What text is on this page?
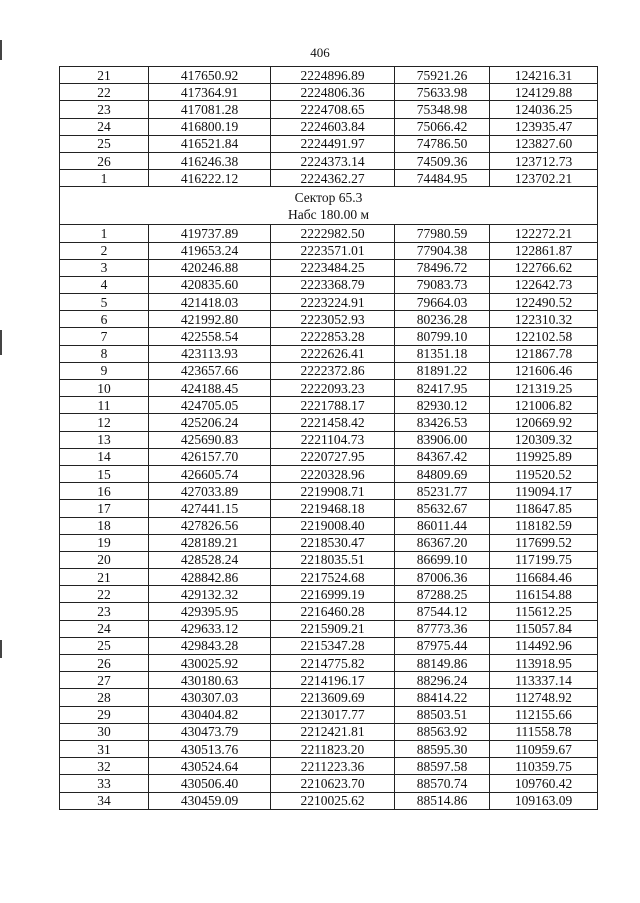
406
21	417650.92	2224896.89	75921.26	124216.31
22	417364.91	2224806.36	75633.98	124129.88
23	417081.28	2224708.65	75348.98	124036.25
24	416800.19	2224603.84	75066.42	123935.47
25	416521.84	2224491.97	74786.50	123827.60
26	416246.38	2224373.14	74509.36	123712.73
1	416222.12	2224362.27	74484.95	123702.21

Сектор 65.3
Набс 180.00 м				

1	419737.89	2222982.50	77980.59	122272.21
2	419653.24	2223571.01	77904.38	122861.87
3	420246.88	2223484.25	78496.72	122766.62
4	420835.60	2223368.79	79083.73	122642.73
5	421418.03	2223224.91	79664.03	122490.52
6	421992.80	2223052.93	80236.28	122310.32
7	422558.54	2222853.28	80799.10	122102.58
8	423113.93	2222626.41	81351.18	121867.78
9	423657.66	2222372.86	81891.22	121606.46
10	424188.45	2222093.23	82417.95	121319.25
11	424705.05	2221788.17	82930.12	121006.82
12	425206.24	2221458.42	83426.53	120669.92
13	425690.83	2221104.73	83906.00	120309.32
14	426157.70	2220727.95	84367.42	119925.89
15	426605.74	2220328.96	84809.69	119520.52
16	427033.89	2219908.71	85231.77	119094.17
17	427441.15	2219468.18	85632.67	118647.85
18	427826.56	2219008.40	86011.44	118182.59
19	428189.21	2218530.47	86367.20	117699.52
20	428528.24	2218035.51	86699.10	117199.75
21	428842.86	2217524.68	87006.36	116684.46
22	429132.32	2216999.19	87288.25	116154.88
23	429395.95	2216460.28	87544.12	115612.25
24	429633.12	2215909.21	87773.36	115057.84
25	429843.28	2215347.28	87975.44	114492.96
26	430025.92	2214775.82	88149.86	113918.95
27	430180.63	2214196.17	88296.24	113337.14
28	430307.03	2213609.69	88414.22	112748.92
29	430404.82	2213017.77	88503.51	112155.66
30	430473.79	2212421.81	88563.92	111558.78
31	430513.76	2211823.20	88595.30	110959.67
32	430524.64	2211223.36	88597.58	110359.75
33	430506.40	2210623.70	88570.74	109760.42
34	430459.09	2210025.62	88514.86	109163.09
